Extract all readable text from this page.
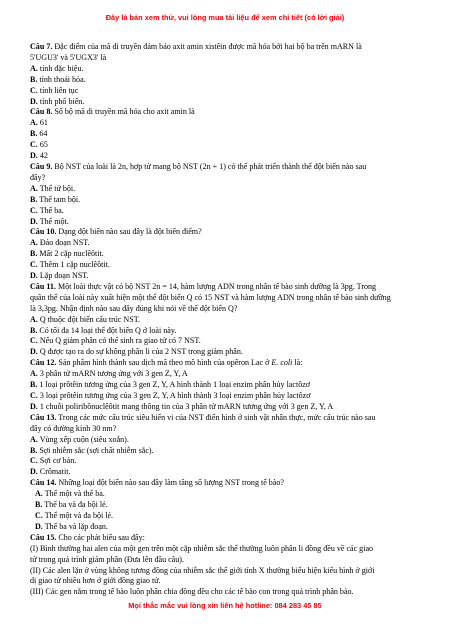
Đây là bản xem thử, vui lòng mua tài liệu để xem chi tiết (có lời giải)
Câu 7. Đặc điểm của mã di truyền đảm bảo axit amin xistêin được mã hóa bởi hai bộ ba trên mARN là
5'UGU3' và 5'UGX3' là
A. tính đặc hiệu.
B. tính thoái hóa.
C. tính liên tục
D. tính phổ biến.
Câu 8. Số bộ mã di truyền mã hóa cho axit amin là
A. 61
B. 64
C. 65
D. 42
Câu 9. Bộ NST của loài là 2n, hợp tử mang bộ NST (2n + 1) có thể phát triển thành thể đột biến nào sau
đây?
A. Thể tứ bội.
B. Thể tam bội.
C. Thể ba.
D. Thể một.
Câu 10. Dạng đột biến nào sau đây là đột biến điểm?
A. Đảo đoạn NST.
B. Mất 2 cặp nuclêôtit.
C. Thêm 1 cặp nuclêôtit.
D. Lặp đoạn NST.
Câu 11. Một loài thực vật có bộ NST 2n = 14, hàm lượng ADN trong nhân tế bào sinh dưỡng là 3pg. Trong
quần thể của loài này xuất hiện một thể đột biến Q có 15 NST và hàm lượng ADN trong nhân tế bào sinh dưỡng
là 3,3pg. Nhận định nào sau đây đúng khi nói về thể đột biến Q?
A. Q thuộc đột biến cấu trúc NST.
B. Có tối đa 14 loại thể đột biến Q ở loài này.
C. Nếu Q giảm phân có thể sinh ra giao tử có 7 NST.
D. Q được tạo ra do sự không phân li của 2 NST trong giảm phân.
Câu 12. Sản phẩm hình thành sau dịch mã theo mô hình của opêron Lac ở E. coli là:
A. 3 phân tử mARN tương ứng với 3 gen Z, Y, A
B. 1 loại prôtêin tương ứng của 3 gen Z, Y, A hình thành 1 loại enzim phân hủy lactôzơ
C. 3 loại prôtêin tương ứng của 3 gen Z, Y, A hình thành 3 loại enzim phân hủy lactôzơ
D. 1 chuỗi poliribônuclêôtit mang thông tin của 3 phân tử mARN tương ứng với 3 gen Z, Y, A
Câu 13. Trong các mức cấu trúc siêu hiển vi của NST điển hình ở sinh vật nhân thực, mức cấu trúc nào sau
đây có đường kính 30 nm?
A. Vùng xếp cuộn (siêu xoắn).
B. Sợi nhiễm sắc (sợi chất nhiễm sắc).
C. Sợi cơ bản.
D. Crômatit.
Câu 14. Những loại đột biến nào sau đây làm tăng số lượng NST trong tế bào?
A. Thể một và thể ba.
B. Thể ba và đa bội lẻ.
C. Thể một và đa bội lẻ.
D. Thể ba và lặp đoạn.
Câu 15. Cho các phát biểu sau đây:
(I) Bình thường hai alen của một gen trên một cặp nhiễm sắc thể thường luôn phân li đồng đều về các giao
tử trong quá trình giảm phân (Đưa lên đầu câu).
(II) Các alen lặn ở vùng không tương đồng của nhiễm sắc thể giới tính X thường biểu hiện kiểu hình ở giới
dị giao tử nhiều hơn ở giới đồng giao tử.
(III) Các gen nằm trong tế bào luôn phân chia đồng đều cho các tế bào con trong quá trình phân bào.
Mọi thắc mắc vui lòng xin liên hệ hotline: 084 283 45 85
